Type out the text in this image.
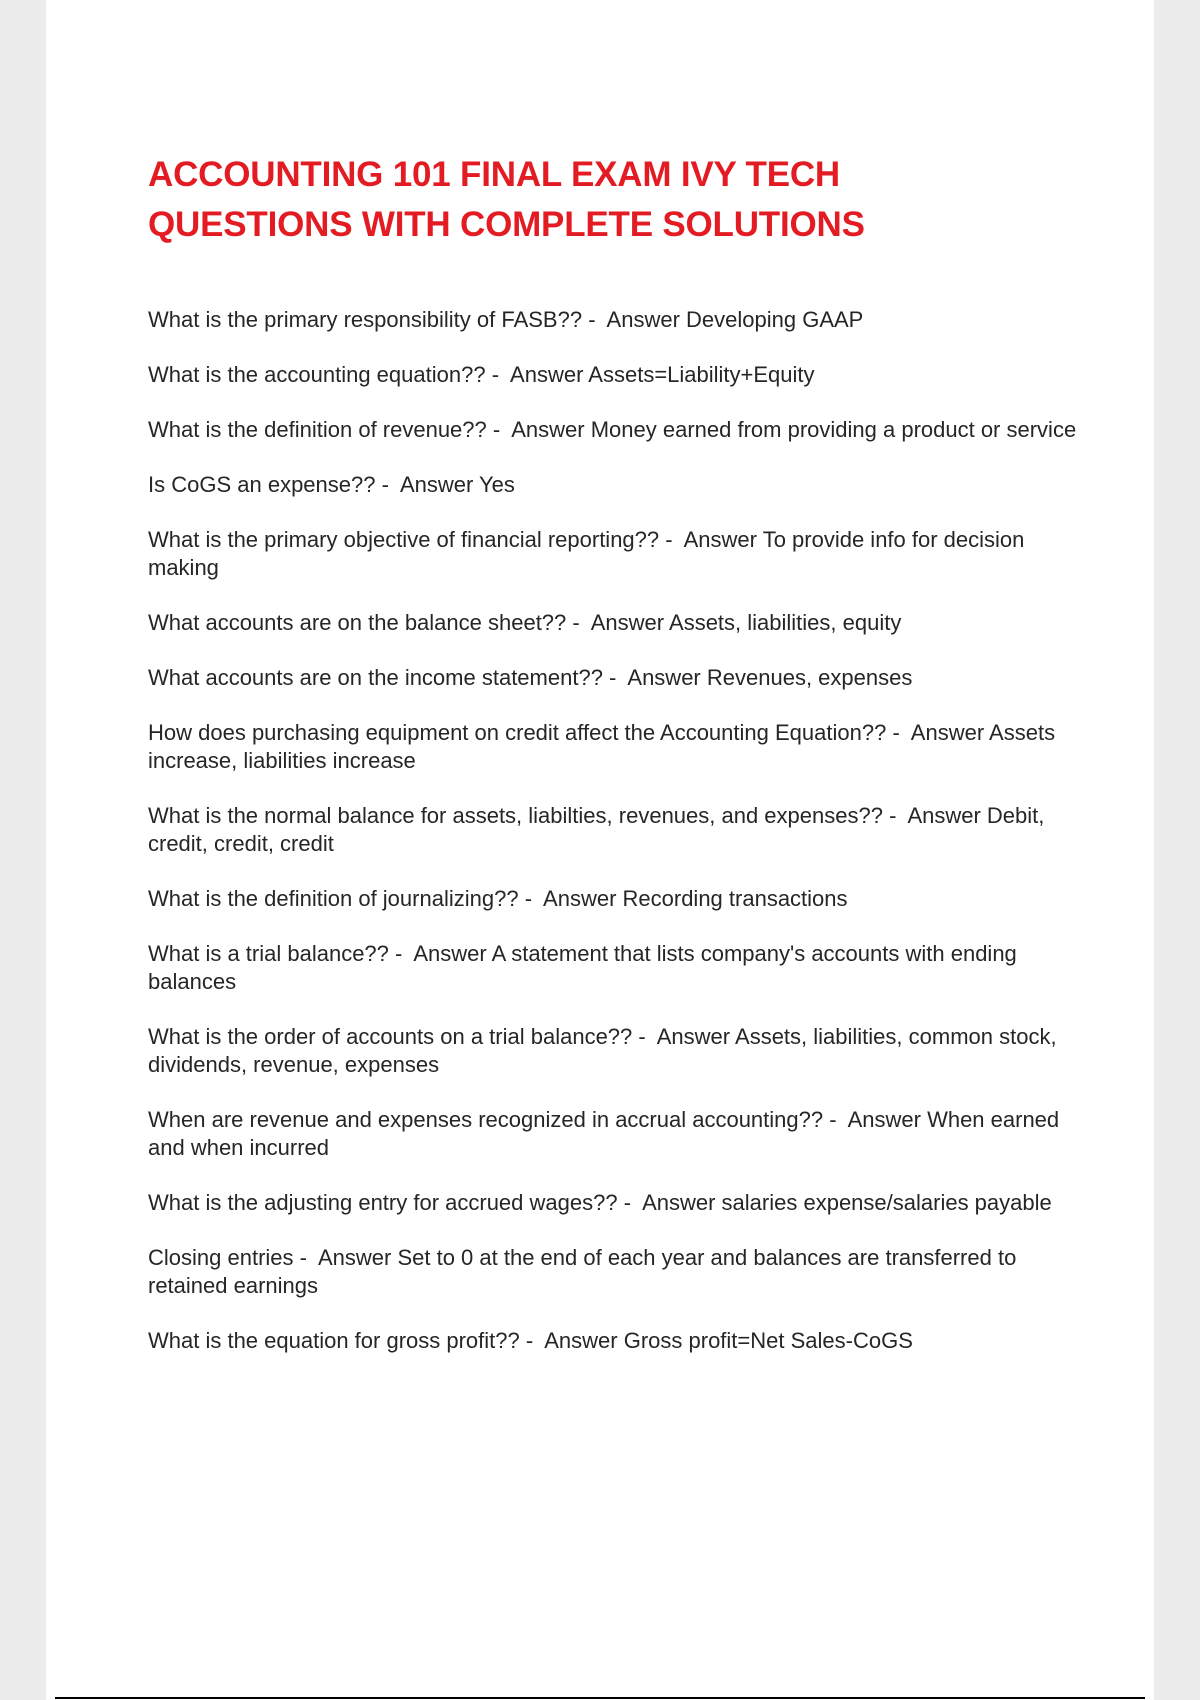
ACCOUNTING 101 FINAL EXAM IVY TECH
QUESTIONS WITH COMPLETE SOLUTIONS
What is the primary responsibility of FASB?? -  Answer Developing GAAP
What is the accounting equation?? -  Answer Assets=Liability+Equity
What is the definition of revenue?? -  Answer Money earned from providing a product or service
Is CoGS an expense?? -  Answer Yes
What is the primary objective of financial reporting?? -  Answer To provide info for decision making
What accounts are on the balance sheet?? -  Answer Assets, liabilities, equity
What accounts are on the income statement?? -  Answer Revenues, expenses
How does purchasing equipment on credit affect the Accounting Equation?? -  Answer Assets increase, liabilities increase
What is the normal balance for assets, liabilties, revenues, and expenses?? -  Answer Debit, credit, credit, credit
What is the definition of journalizing?? -  Answer Recording transactions
What is a trial balance?? -  Answer A statement that lists company's accounts with ending balances
What is the order of accounts on a trial balance?? -  Answer Assets, liabilities, common stock, dividends, revenue, expenses
When are revenue and expenses recognized in accrual accounting?? -  Answer When earned and when incurred
What is the adjusting entry for accrued wages?? -  Answer salaries expense/salaries payable
Closing entries -  Answer Set to 0 at the end of each year and balances are transferred to retained earnings
What is the equation for gross profit?? -  Answer Gross profit=Net Sales-CoGS
